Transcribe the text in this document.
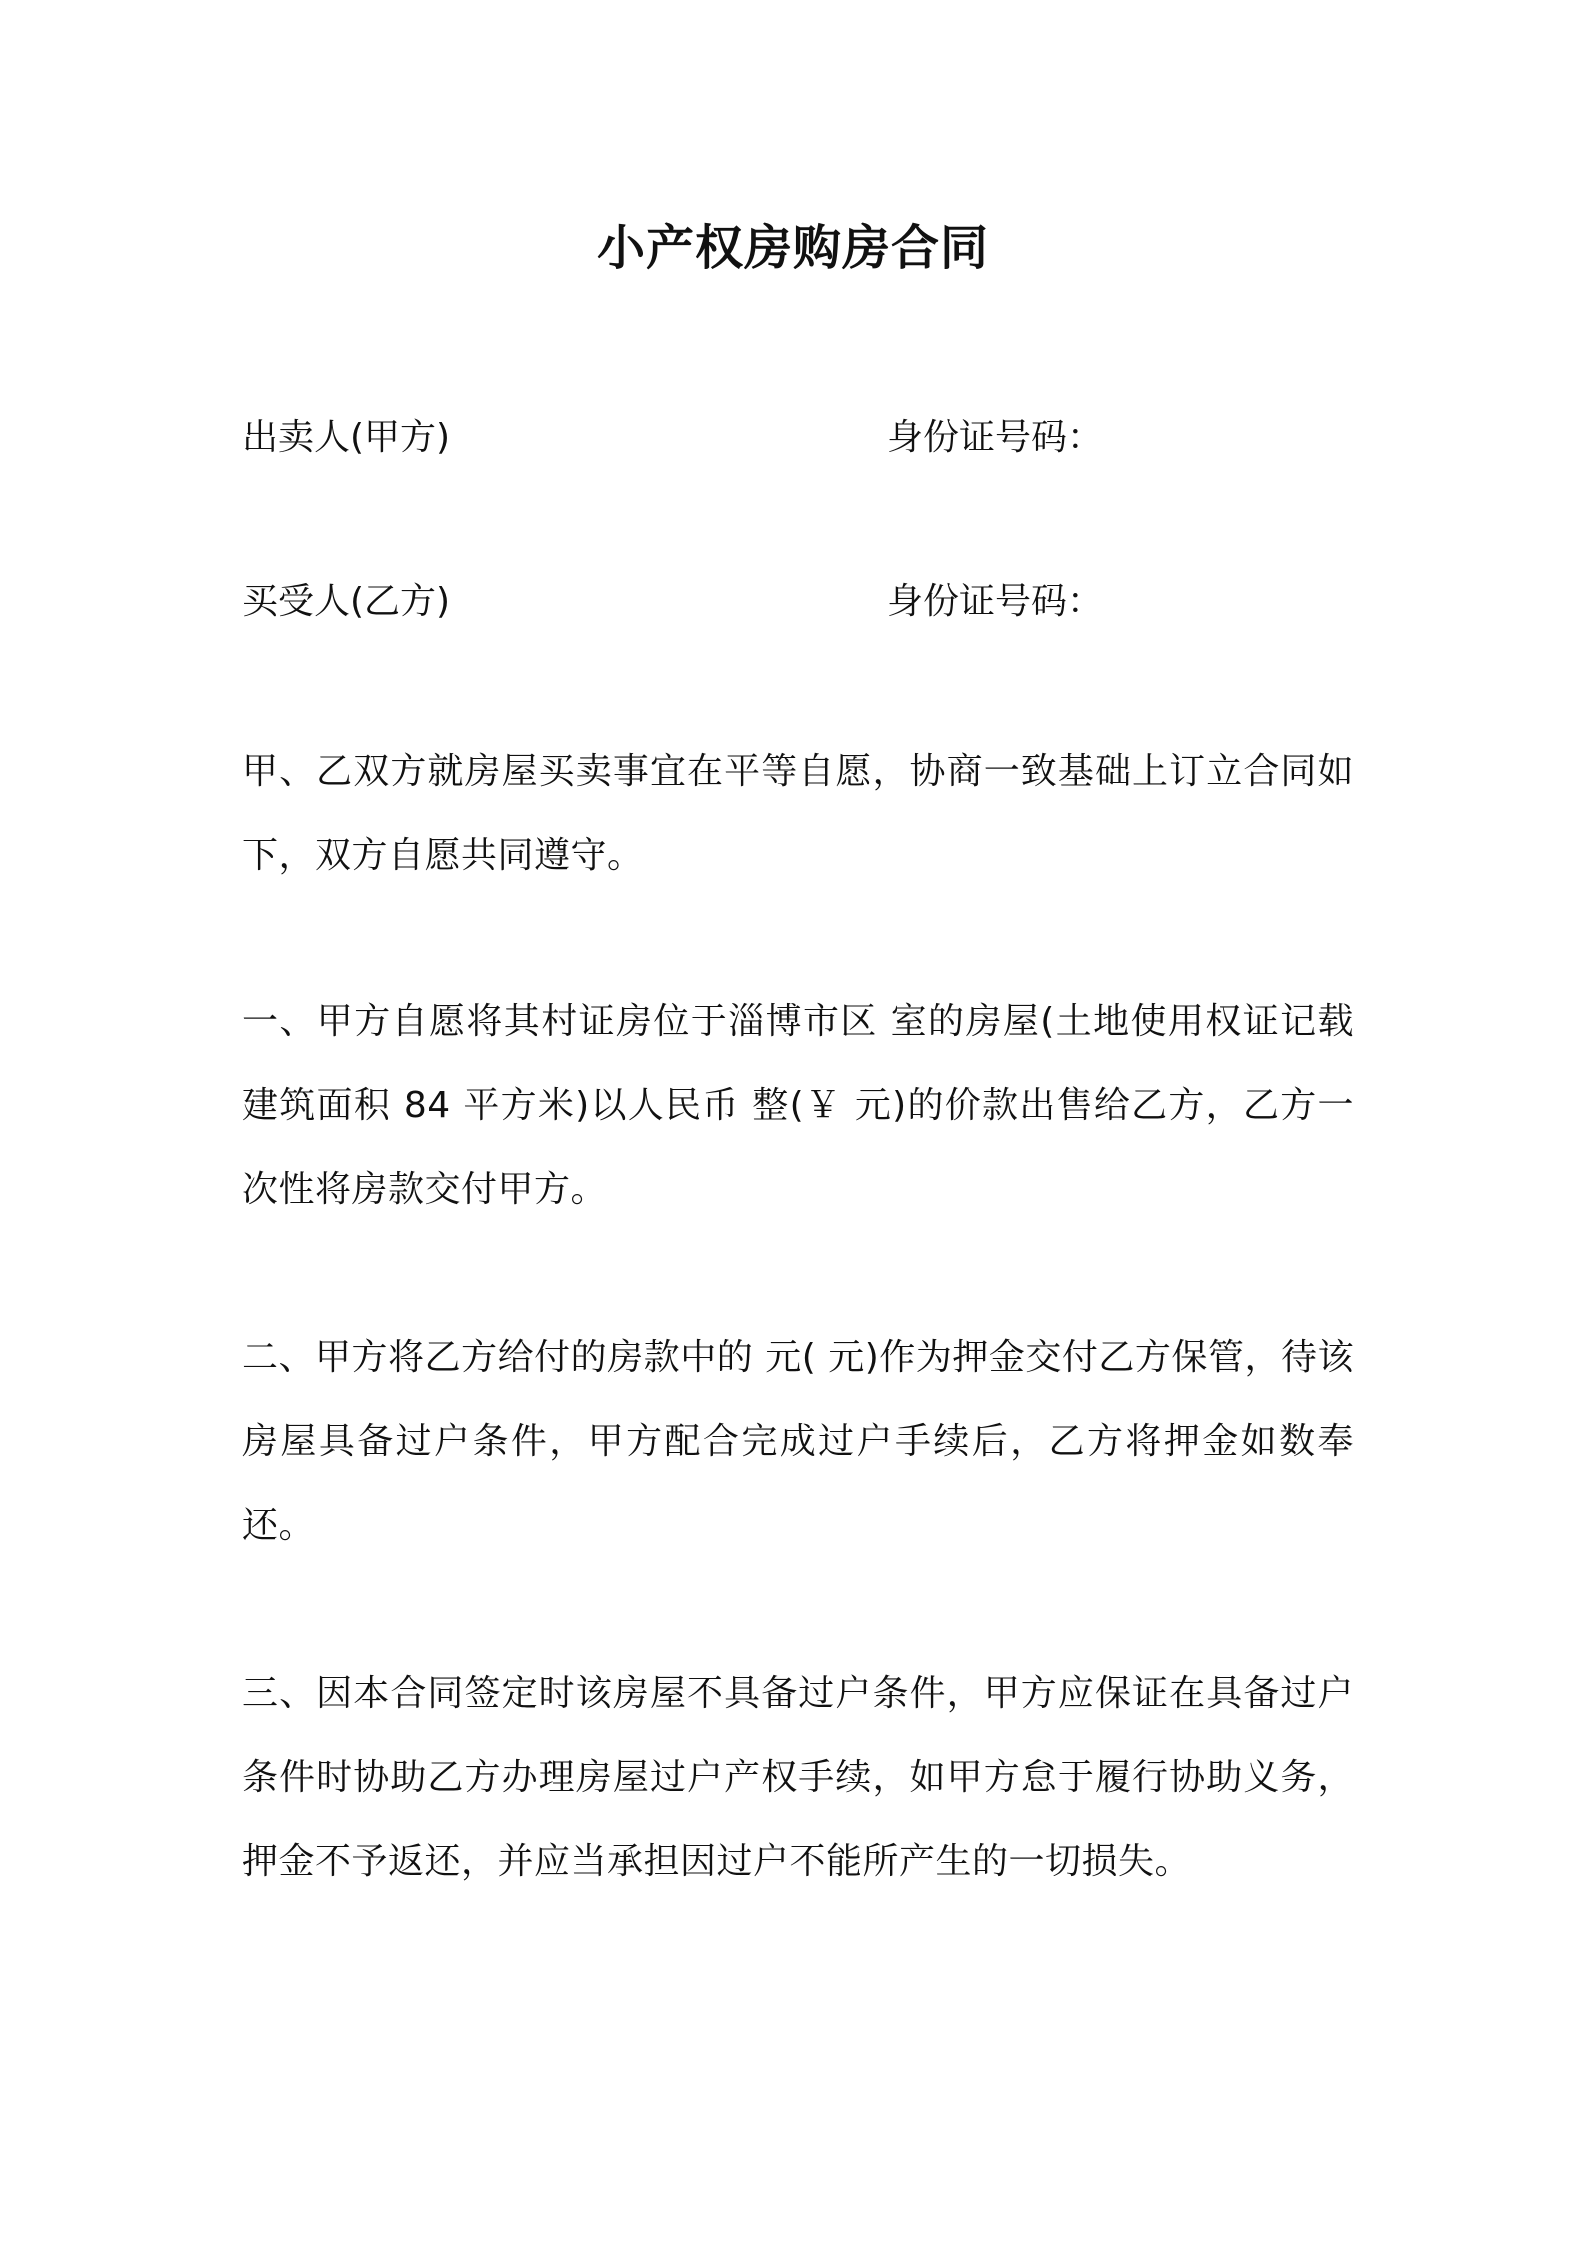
小产权房购房合同
出卖人(甲方)	身份证号码：
买受人(乙方)	身份证号码：

甲、乙双方就房屋买卖事宜在平等自愿，协商一致基础上订立合同如下，双方自愿共同遵守。

一、甲方自愿将其村证房位于淄博市区 室的房屋(土地使用权证记载建筑面积 84 平方米)以人民币 整(￥ 元)的价款出售给乙方，乙方一次性将房款交付甲方。

二、甲方将乙方给付的房款中的 元( 元)作为押金交付乙方保管，待该房屋具备过户条件，甲方配合完成过户手续后，乙方将押金如数奉还。

三、因本合同签定时该房屋不具备过户条件，甲方应保证在具备过户条件时协助乙方办理房屋过户产权手续，如甲方怠于履行协助义务，押金不予返还，并应当承担因过户不能所产生的一切损失。
